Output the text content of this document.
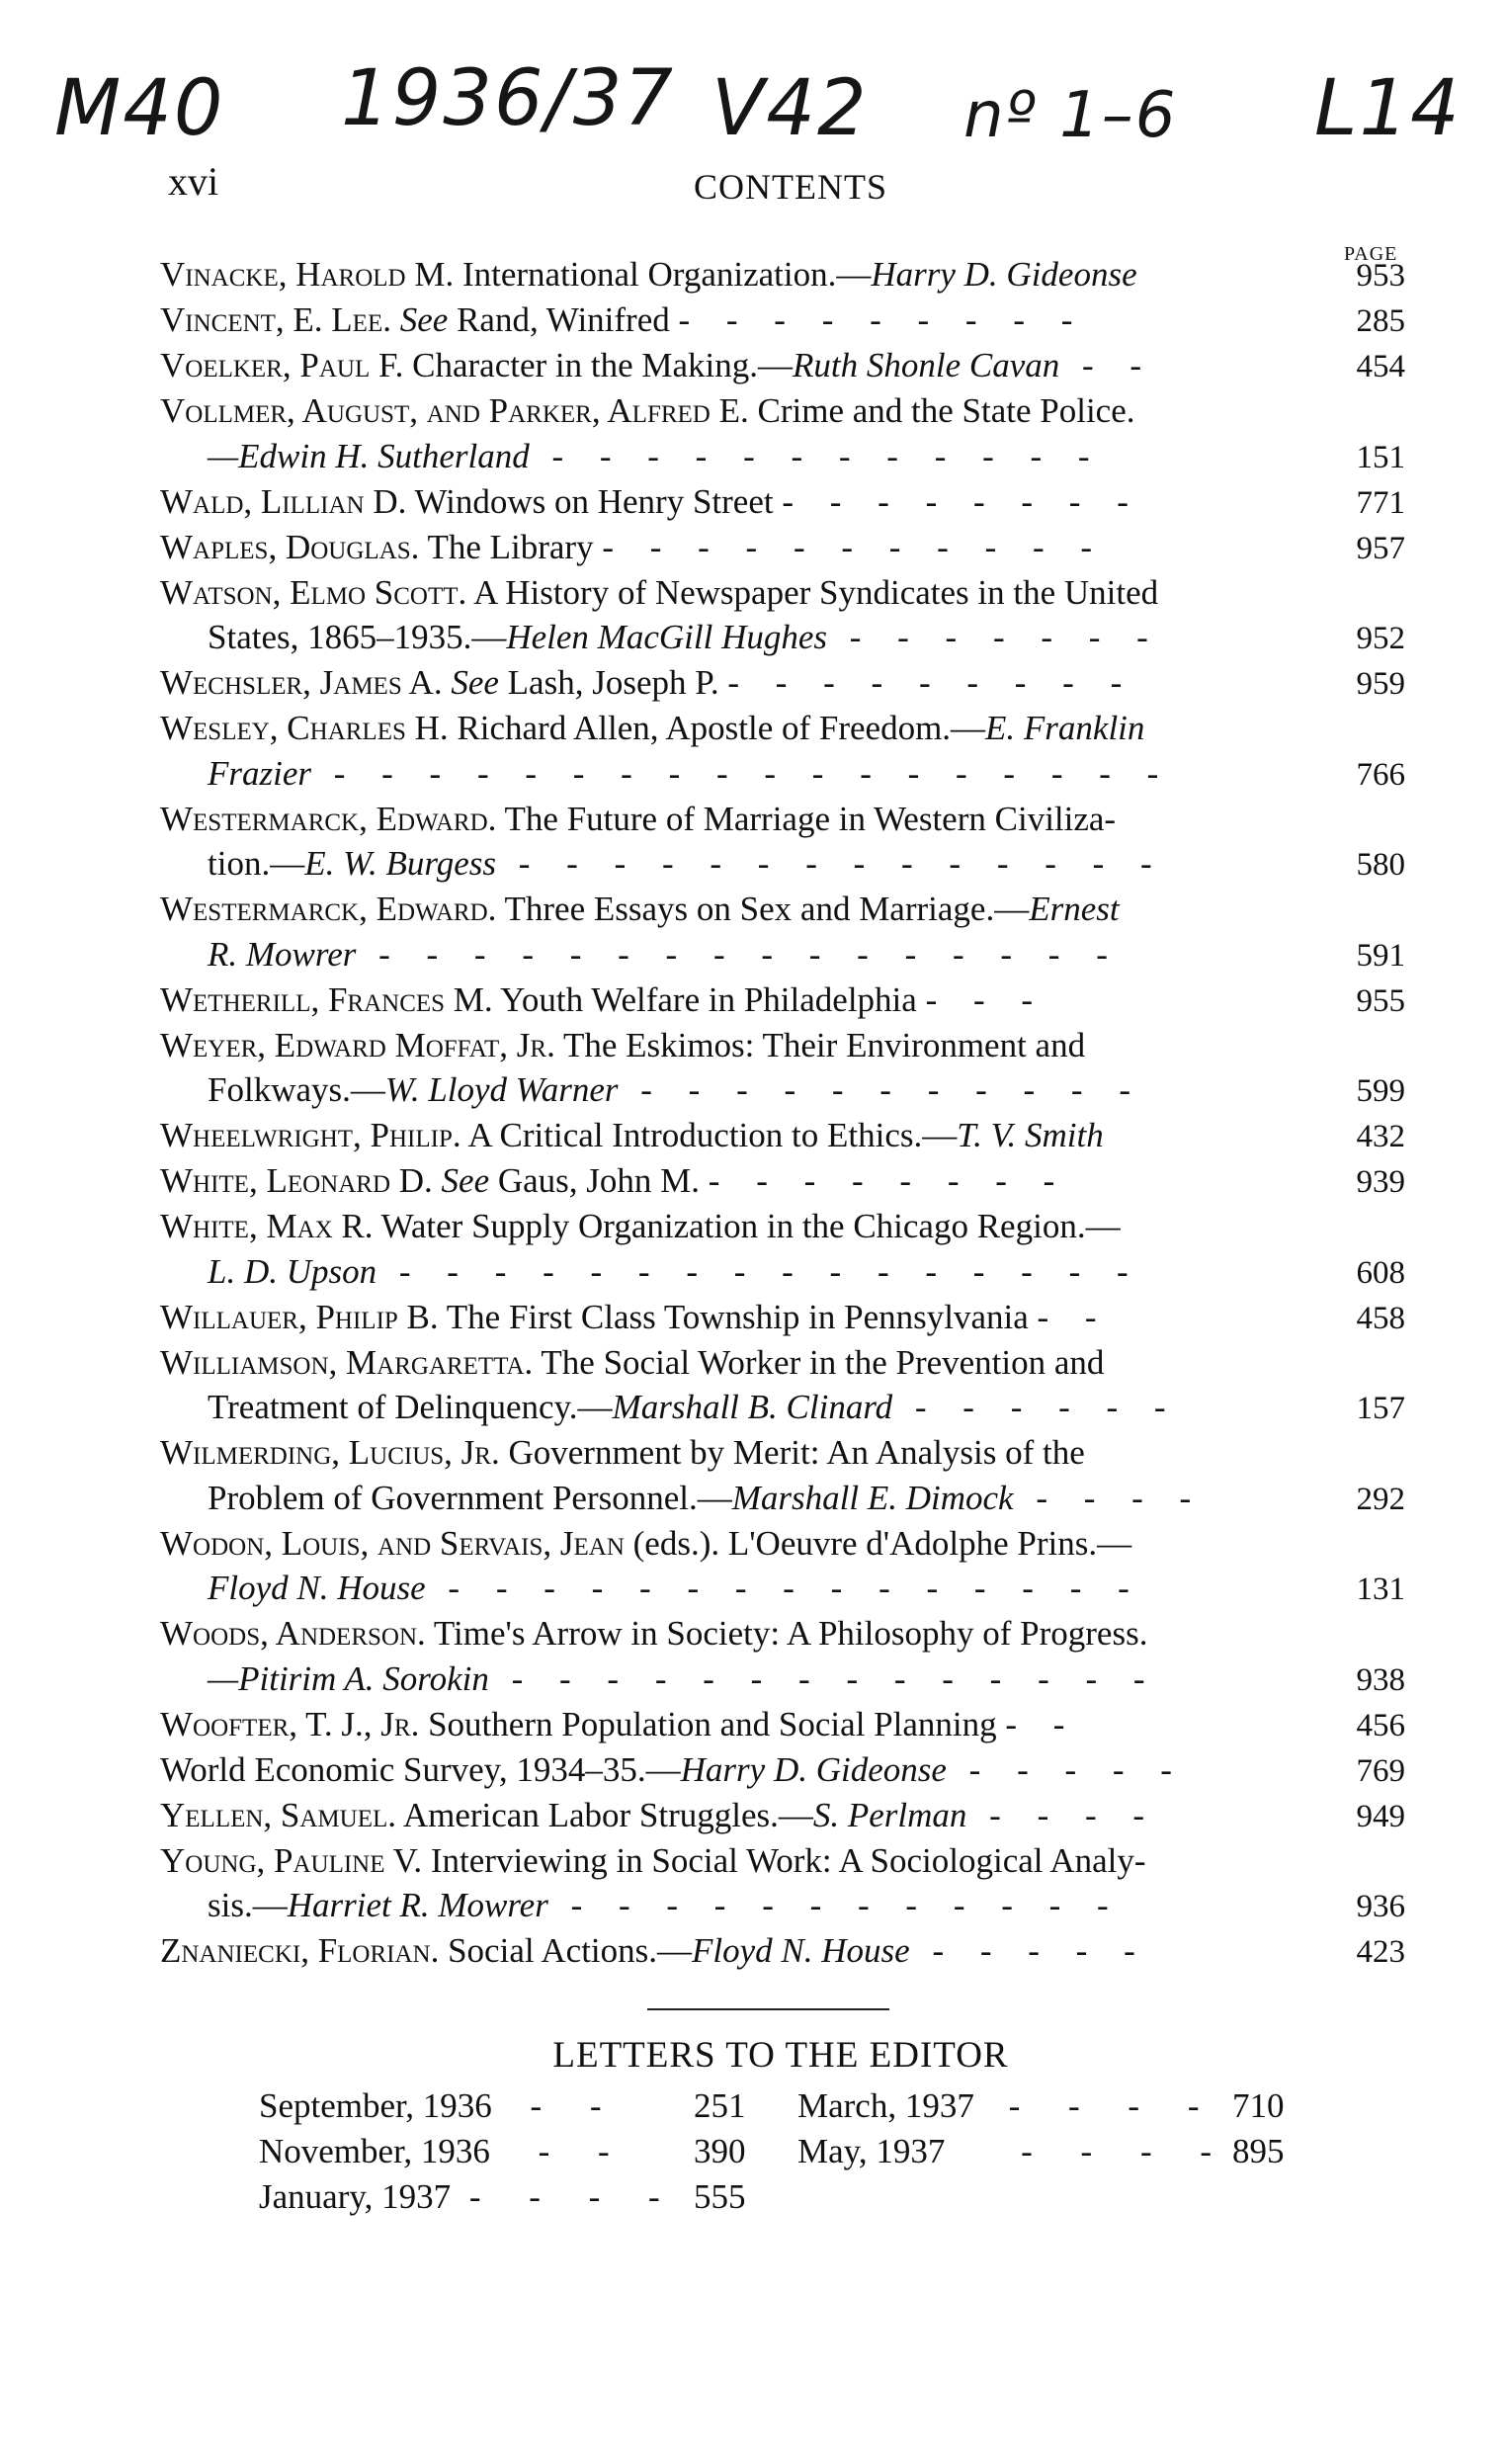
Μ40 1936/37 V42 nº 1–6 L14
xvi	CONTENTS
PAGE
Vinacke, Harold M. International Organization.—Harry D. Gideonse	953
Vincent, E. Lee. See Rand, Winifred - - - - - - - - -	285
Voelker, Paul F. Character in the Making.—Ruth Shonle Cavan - -	454
Vollmer, August, and Parker, Alfred E. Crime and the State Police.
—Edwin H. Sutherland - - - - - - - - - - - -	151
Wald, Lillian D. Windows on Henry Street - - - - - - - -	771
Waples, Douglas. The Library - - - - - - - - - - -	957
Watson, Elmo Scott. A History of Newspaper Syndicates in the United
States, 1865–1935.—Helen MacGill Hughes - - - - - - -	952
Wechsler, James A. See Lash, Joseph P. - - - - - - - - -	959
Wesley, Charles H. Richard Allen, Apostle of Freedom.—E. Franklin
Frazier - - - - - - - - - - - - - - - - - -	766
Westermarck, Edward. The Future of Marriage in Western Civiliza-
tion.—E. W. Burgess - - - - - - - - - - - - - -	580
Westermarck, Edward. Three Essays on Sex and Marriage.—Ernest
R. Mowrer - - - - - - - - - - - - - - - -	591
Wetherill, Frances M. Youth Welfare in Philadelphia - - -	955
Weyer, Edward Moffat, Jr. The Eskimos: Their Environment and
Folkways.—W. Lloyd Warner - - - - - - - - - - -	599
Wheelwright, Philip. A Critical Introduction to Ethics.—T. V. Smith	432
White, Leonard D. See Gaus, John M. - - - - - - - -	939
White, Max R. Water Supply Organization in the Chicago Region.—
L. D. Upson - - - - - - - - - - - - - - - -	608
Willauer, Philip B. The First Class Township in Pennsylvania - -	458
Williamson, Margaretta. The Social Worker in the Prevention and
Treatment of Delinquency.—Marshall B. Clinard - - - - - -	157
Wilmerding, Lucius, Jr. Government by Merit: An Analysis of the
Problem of Government Personnel.—Marshall E. Dimock - - - -	292
Wodon, Louis, and Servais, Jean (eds.). L'Oeuvre d'Adolphe Prins.—
Floyd N. House - - - - - - - - - - - - - - -	131
Woods, Anderson. Time's Arrow in Society: A Philosophy of Progress.
—Pitirim A. Sorokin - - - - - - - - - - - - - -	938
Woofter, T. J., Jr. Southern Population and Social Planning - -	456
World Economic Survey, 1934–35.—Harry D. Gideonse - - - - -	769
Yellen, Samuel. American Labor Struggles.—S. Perlman - - - -	949
Young, Pauline V. Interviewing in Social Work: A Sociological Analy-
sis.—Harriet R. Mowrer - - - - - - - - - - - -	936
Znaniecki, Florian. Social Actions.—Floyd N. House - - - - -	423
LETTERS TO THE EDITOR
September, 1936 - - 251 March, 1937 - - - - 710
November, 1936 - - 390 May, 1937 - - - - 895
January, 1937 - - - - 555
